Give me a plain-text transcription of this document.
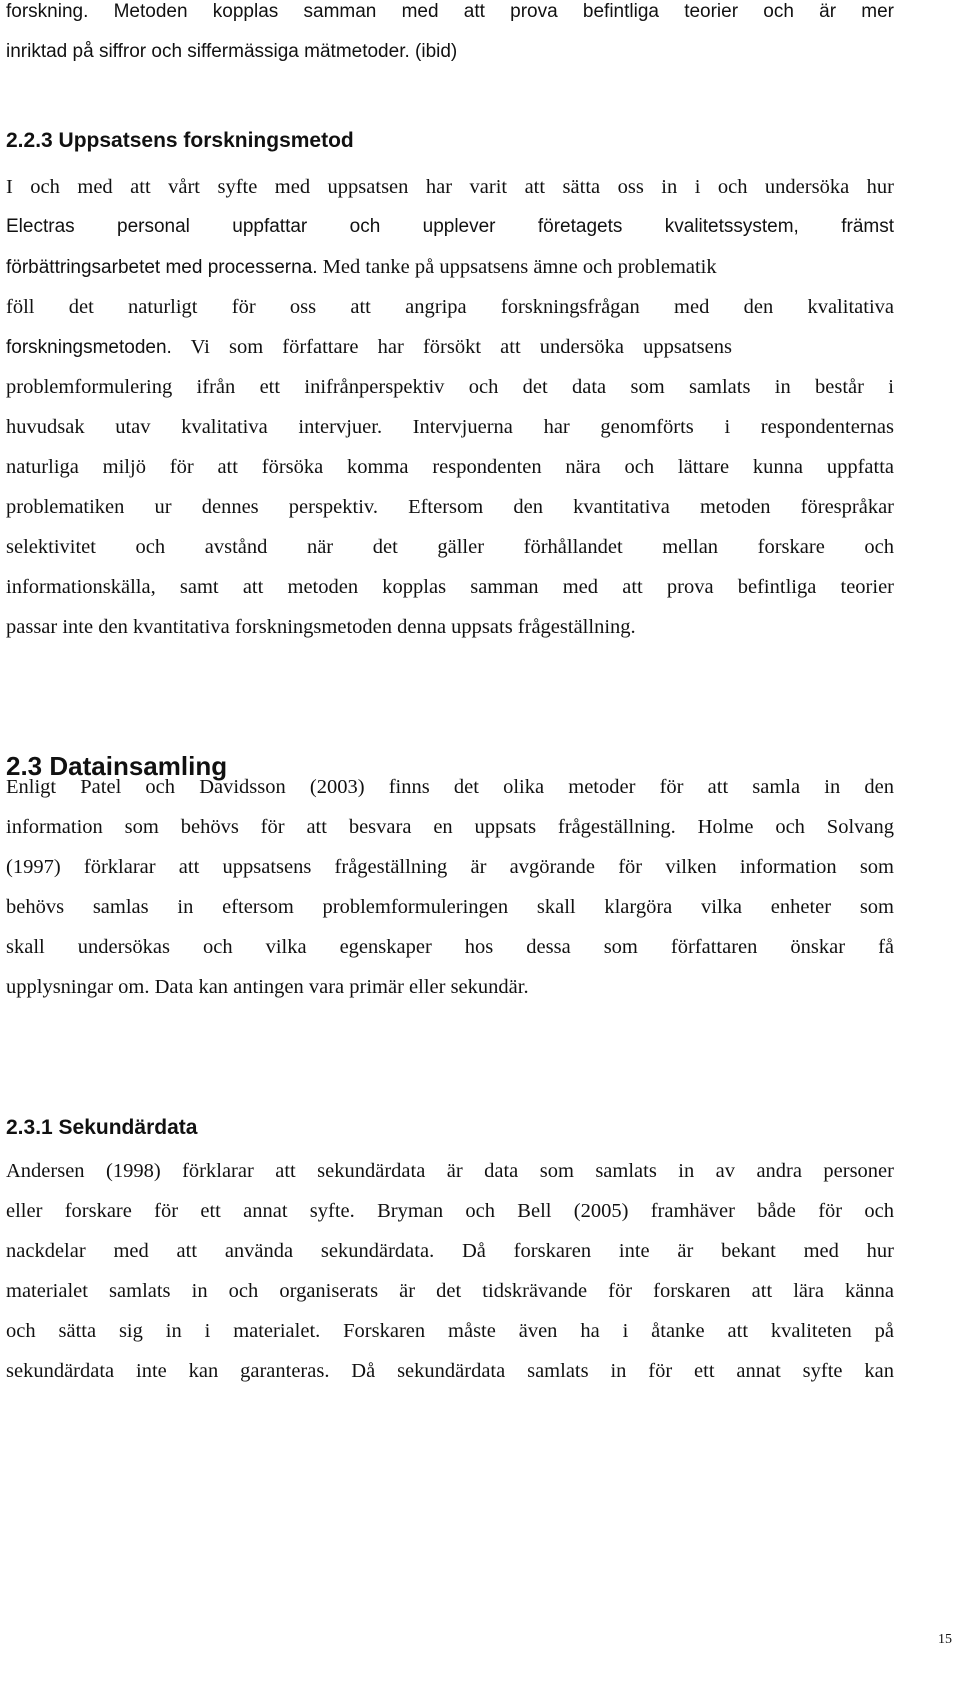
forskning. Metoden kopplas samman med att prova befintliga teorier och är mer
inriktad på siffror och siffermässiga mätmetoder. (ibid)
2.2.3 Uppsatsens forskningsmetod
I och med att vårt syfte med uppsatsen har varit att sätta oss in i och undersöka hur
Electras personal uppfattar och upplever företagets kvalitetssystem, främst
förbättringsarbetet med processerna. Med tanke på uppsatsens ämne och problematik
föll det naturligt för oss att angripa forskningsfrågan med den kvalitativa
forskningsmetoden. Vi som författare har försökt att undersöka uppsatsens
problemformulering ifrån ett inifrånperspektiv och det data som samlats in består i
huvudsak utav kvalitativa intervjuer. Intervjuerna har genomförts i respondenternas
naturliga miljö för att försöka komma respondenten nära och lättare kunna uppfatta
problematiken ur dennes perspektiv. Eftersom den kvantitativa metoden förespråkar
selektivitet och avstånd när det gäller förhållandet mellan forskare och
informationskälla, samt att metoden kopplas samman med att prova befintliga teorier
passar inte den kvantitativa forskningsmetoden denna uppsats frågeställning.
2.3 Datainsamling
Enligt Patel och Davidsson (2003) finns det olika metoder för att samla in den
information som behövs för att besvara en uppsats frågeställning. Holme och Solvang
(1997) förklarar att uppsatsens frågeställning är avgörande för vilken information som
behövs samlas in eftersom problemformuleringen skall klargöra vilka enheter som
skall undersökas och vilka egenskaper hos dessa som författaren önskar få
upplysningar om. Data kan antingen vara primär eller sekundär.
2.3.1 Sekundärdata
Andersen (1998) förklarar att sekundärdata är data som samlats in av andra personer
eller forskare för ett annat syfte. Bryman och Bell (2005) framhäver både för och
nackdelar med att använda sekundärdata. Då forskaren inte är bekant med hur
materialet samlats in och organiserats är det tidskrävande för forskaren att lära känna
och sätta sig in i materialet. Forskaren måste även ha i åtanke att kvaliteten på
sekundärdata inte kan garanteras. Då sekundärdata samlats in för ett annat syfte kan
15
